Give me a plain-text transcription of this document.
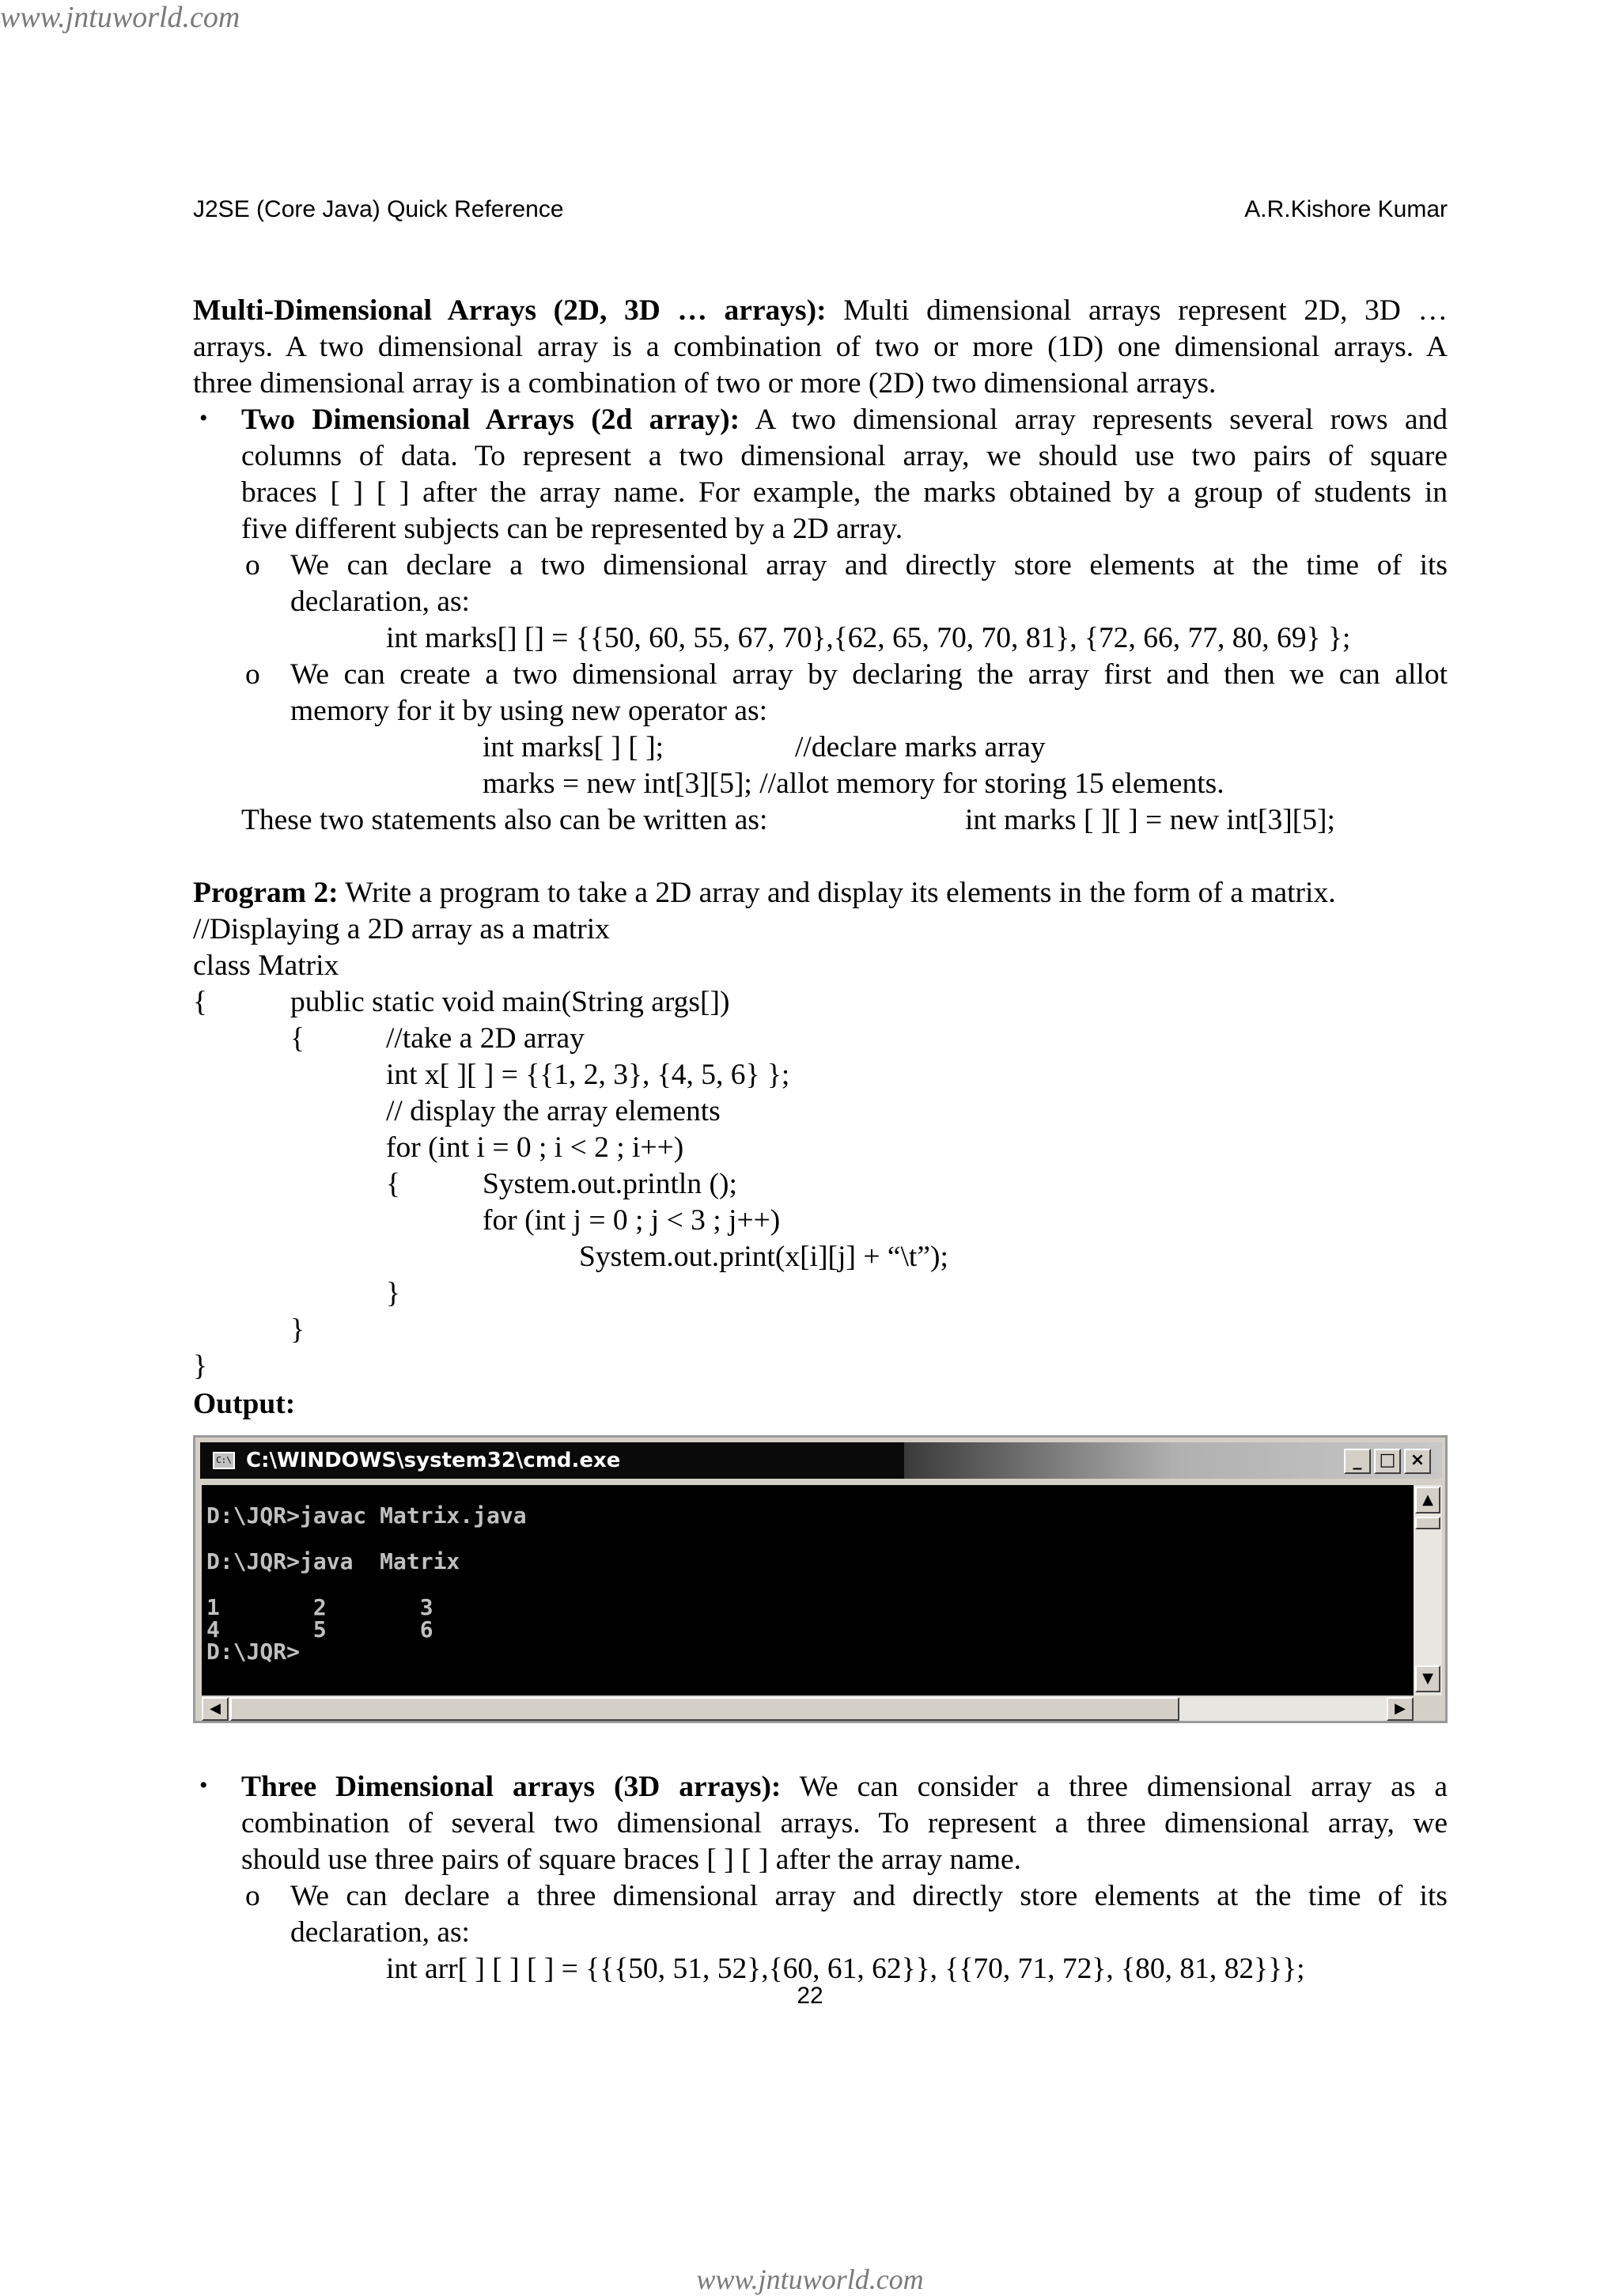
www.jntuworld.com
J2SE (Core Java) Quick Reference	A.R.Kishore Kumar
Multi-Dimensional Arrays (2D, 3D … arrays): Multi dimensional arrays represent 2D, 3D …
arrays. A two dimensional array is a combination of two or more (1D) one dimensional arrays. A
three dimensional array is a combination of two or more (2D) two dimensional arrays.
• Two Dimensional Arrays (2d array): A two dimensional array represents several rows and
columns of data. To represent a two dimensional array, we should use two pairs of square
braces [ ] [ ] after the array name. For example, the marks obtained by a group of students in
five different subjects can be represented by a 2D array.
o We can declare a two dimensional array and directly store elements at the time of its
declaration, as:
int marks[] [] = {{50, 60, 55, 67, 70},{62, 65, 70, 70, 81}, {72, 66, 77, 80, 69} };
o We can create a two dimensional array by declaring the array first and then we can allot
memory for it by using new operator as:
int marks[ ] [ ];	//declare marks array
marks = new int[3][5]; //allot memory for storing 15 elements.
These two statements also can be written as:	int marks [ ][ ] = new int[3][5];
Program 2: Write a program to take a 2D array and display its elements in the form of a matrix.
//Displaying a 2D array as a matrix
class Matrix
{	public static void main(String args[])
{	//take a 2D array
int x[ ][ ] = {{1, 2, 3}, {4, 5, 6} };
// display the array elements
for (int i = 0 ; i < 2 ; i++)
{	System.out.println ();
for (int j = 0 ; j < 3 ; j++)
System.out.print(x[i][j] + “\t”);
}
}
}
Output:
C:\ C:\WINDOWS\system32\cmd.exe	_	□ ×
D:\JQR>javac Matrix.java
D:\JQR>java  Matrix
1       2       3
4       5       6
D:\JQR>
▲
▼
◀	▶
• Three Dimensional arrays (3D arrays): We can consider a three dimensional array as a
combination of several two dimensional arrays. To represent a three dimensional array, we
should use three pairs of square braces [ ] [ ] after the array name.
o We can declare a three dimensional array and directly store elements at the time of its
declaration, as:
int arr[ ] [ ] [ ] = {{{50, 51, 52},{60, 61, 62}}, {{70, 71, 72}, {80, 81, 82}}};
22
www.jntuworld.com
